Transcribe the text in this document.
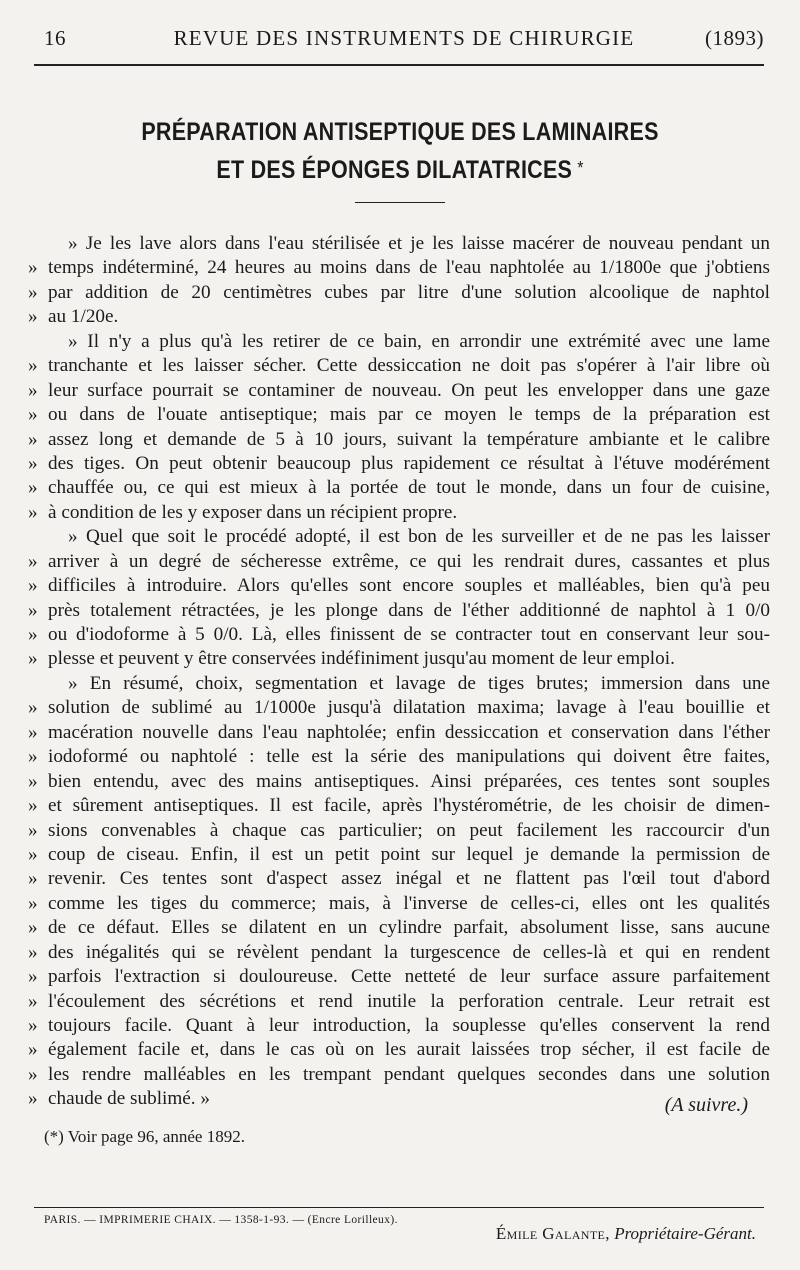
16	REVUE DES INSTRUMENTS DE CHIRURGIE	(1893)
PRÉPARATION ANTISEPTIQUE DES LAMINAIRES
ET DES ÉPONGES DILATATRICES *
» Je les lave alors dans l'eau stérilisée et je les laisse macérer de nouveau pendant un
» temps indéterminé, 24 heures au moins dans de l'eau naphtolée au 1/1800e que j'obtiens
» par addition de 20 centimètres cubes par litre d'une solution alcoolique de naphtol
» au 1/20e.
» Il n'y a plus qu'à les retirer de ce bain, en arrondir une extrémité avec une lame
» tranchante et les laisser sécher. Cette dessiccation ne doit pas s'opérer à l'air libre où
» leur surface pourrait se contaminer de nouveau. On peut les envelopper dans une gaze
» ou dans de l'ouate antiseptique; mais par ce moyen le temps de la préparation est
» assez long et demande de 5 à 10 jours, suivant la température ambiante et le calibre
» des tiges. On peut obtenir beaucoup plus rapidement ce résultat à l'étuve modérément
» chauffée ou, ce qui est mieux à la portée de tout le monde, dans un four de cuisine,
» à condition de les y exposer dans un récipient propre.
» Quel que soit le procédé adopté, il est bon de les surveiller et de ne pas les laisser
» arriver à un degré de sécheresse extrême, ce qui les rendrait dures, cassantes et plus
» difficiles à introduire. Alors qu'elles sont encore souples et malléables, bien qu'à peu
» près totalement rétractées, je les plonge dans de l'éther additionné de naphtol à 1 0/0
» ou d'iodoforme à 5 0/0. Là, elles finissent de se contracter tout en conservant leur sou-
» plesse et peuvent y être conservées indéfiniment jusqu'au moment de leur emploi.
» En résumé, choix, segmentation et lavage de tiges brutes; immersion dans une
» solution de sublimé au 1/1000e jusqu'à dilatation maxima; lavage à l'eau bouillie et
» macération nouvelle dans l'eau naphtolée; enfin dessiccation et conservation dans l'éther
» iodoformé ou naphtolé : telle est la série des manipulations qui doivent être faites,
» bien entendu, avec des mains antiseptiques. Ainsi préparées, ces tentes sont souples
» et sûrement antiseptiques. Il est facile, après l'hystérométrie, de les choisir de dimen-
» sions convenables à chaque cas particulier; on peut facilement les raccourcir d'un
» coup de ciseau. Enfin, il est un petit point sur lequel je demande la permission de
» revenir. Ces tentes sont d'aspect assez inégal et ne flattent pas l'œil tout d'abord
» comme les tiges du commerce; mais, à l'inverse de celles-ci, elles ont les qualités
» de ce défaut. Elles se dilatent en un cylindre parfait, absolument lisse, sans aucune
» des inégalités qui se révèlent pendant la turgescence de celles-là et qui en rendent
» parfois l'extraction si douloureuse. Cette netteté de leur surface assure parfaitement
» l'écoulement des sécrétions et rend inutile la perforation centrale. Leur retrait est
» toujours facile. Quant à leur introduction, la souplesse qu'elles conservent la rend
» également facile et, dans le cas où on les aurait laissées trop sécher, il est facile de
» les rendre malléables en les trempant pendant quelques secondes dans une solution
» chaude de sublimé. »	(A suivre.)
(*) Voir page 96, année 1892.
PARIS. — IMPRIMERIE CHAIX. — 1358-1-93. — (Encre Lorilleux).
Émile Galante, Propriétaire-Gérant.
